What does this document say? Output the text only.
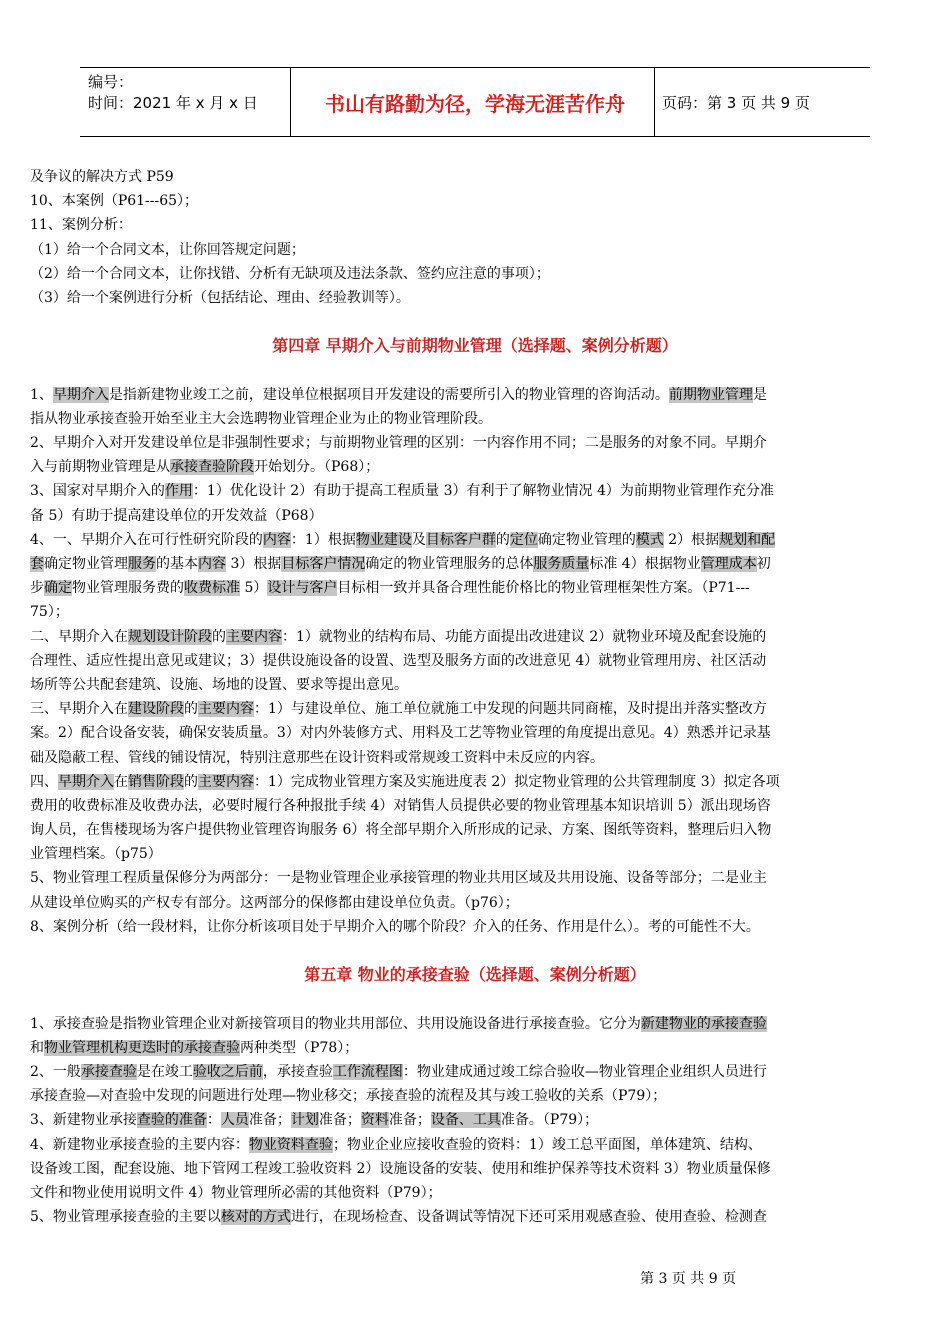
编号：
时间：2021 年 x 月 x 日	书山有路勤为径，学海无涯苦作舟	页码：第 3 页 共 9 页
及争议的解决方式 P59
10、本案例（P61---65）；
11、案例分析：
（1）给一个合同文本，让你回答规定问题；
（2）给一个合同文本，让你找错、分析有无缺项及违法条款、签约应注意的事项）；
（3）给一个案例进行分析（包括结论、理由、经验教训等）。
第四章 早期介入与前期物业管理（选择题、案例分析题）
1、早期介入是指新建物业竣工之前，建设单位根据项目开发建设的需要所引入的物业管理的咨询活动。前期物业管理是
指从物业承接查验开始至业主大会选聘物业管理企业为止的物业管理阶段。
2、早期介入对开发建设单位是非强制性要求；与前期物业管理的区别：一内容作用不同；二是服务的对象不同。早期介
入与前期物业管理是从承接查验阶段开始划分。（P68）；
3、国家对早期介入的作用：1）优化设计 2）有助于提高工程质量 3）有利于了解物业情况 4）为前期物业管理作充分准
备 5）有助于提高建设单位的开发效益（P68）
4、一、早期介入在可行性研究阶段的内容：1）根据物业建设及目标客户群的定位确定物业管理的模式 2）根据规划和配
套确定物业管理服务的基本内容 3）根据目标客户情况确定的物业管理服务的总体服务质量标准 4）根据物业管理成本初
步确定物业管理服务费的收费标准 5）设计与客户目标相一致并具备合理性能价格比的物业管理框架性方案。（P71---
75）；
二、早期介入在规划设计阶段的主要内容：1）就物业的结构布局、功能方面提出改进建议 2）就物业环境及配套设施的
合理性、适应性提出意见或建议；3）提供设施设备的设置、选型及服务方面的改进意见 4）就物业管理用房、社区活动
场所等公共配套建筑、设施、场地的设置、要求等提出意见。
三、早期介入在建设阶段的主要内容：1）与建设单位、施工单位就施工中发现的问题共同商榷，及时提出并落实整改方
案。2）配合设备安装，确保安装质量。3）对内外装修方式、用料及工艺等物业管理的角度提出意见。4）熟悉并记录基
础及隐蔽工程、管线的铺设情况，特别注意那些在设计资料或常规竣工资料中未反应的内容。
四、早期介入在销售阶段的主要内容：1）完成物业管理方案及实施进度表 2）拟定物业管理的公共管理制度 3）拟定各项
费用的收费标准及收费办法，必要时履行各种报批手续 4）对销售人员提供必要的物业管理基本知识培训 5）派出现场咨
询人员，在售楼现场为客户提供物业管理咨询服务 6）将全部早期介入所形成的记录、方案、图纸等资料，整理后归入物
业管理档案。（p75）
5、物业管理工程质量保修分为两部分：一是物业管理企业承接管理的物业共用区域及共用设施、设备等部分；二是业主
从建设单位购买的产权专有部分。这两部分的保修都由建设单位负责。（p76）；
8、案例分析（给一段材料，让你分析该项目处于早期介入的哪个阶段？介入的任务、作用是什么）。考的可能性不大。
第五章 物业的承接查验（选择题、案例分析题）
1、承接查验是指物业管理企业对新接管项目的物业共用部位、共用设施设备进行承接查验。它分为新建物业的承接查验
和物业管理机构更迭时的承接查验两种类型（P78）；
2、一般承接查验是在竣工验收之后前，承接查验工作流程图：物业建成通过竣工综合验收—物业管理企业组织人员进行
承接查验—对查验中发现的问题进行处理—物业移交；承接查验的流程及其与竣工验收的关系（P79）；
3、新建物业承接查验的准备：人员准备；计划准备；资料准备；设备、工具准备。（P79）；
4、新建物业承接查验的主要内容：物业资料查验；物业企业应接收查验的资料：1）竣工总平面图，单体建筑、结构、
设备竣工图，配套设施、地下管网工程竣工验收资料 2）设施设备的安装、使用和维护保养等技术资料 3）物业质量保修
文件和物业使用说明文件 4）物业管理所必需的其他资料（P79）；
5、物业管理承接查验的主要以核对的方式进行，在现场检查、设备调试等情况下还可采用观感查验、使用查验、检测查
第 3 页 共 9 页
